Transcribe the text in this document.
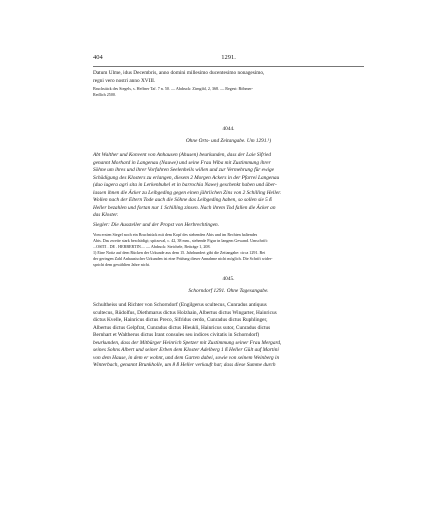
404	1291.

Datum Ulme, idus Decembris, anno domini millesimo ducentesimo nonagesimo,
regni vero nostri anno XVIII.

Bruchstück des Siegels, s. Heffner Taf. 7 n. 50. — Abdruck: Zirngibl, 2, 368. — Regest: Böhmer-
Redlich 2500.

4044.
Ohne Orts- und Zeitangabe. Um 1291.¹)

Abt Walther und Konvent von Anhausen (Ahusen) beurkunden, dass der Laie Sifried
genannt Morhard in Langenau (Nauwe) und seine Frau Wiba mit Zustimmung ihrer
Söhne um ihres und ihrer Vorfahren Seelenheils willen und zur Vermehrung für ewige
Schädigung des Klosters zu erlangen, diesem 2 Morgen Ackers in der Pfarrei Langenau
(duo iugera agri sita in Lerkenbuhel et in barrochia Nawe) geschenkt haben und über-
lassen ihnen die Äcker zu Leibgeding gegen einen jährlichen Zins von 2 Schilling Heller.
Wollen nach der Eltern Tode auch die Söhne das Leibgeding haben, so sollen sie 5 ß
Heller bezahlen und fortan nur 1 Schilling zinsen. Nach ihrem Tod fallen die Äcker an
das Kloster.

Siegler: Die Aussteller und der Propst von Herbrechtingen.

Vom ersten Siegel noch ein Bruchstück mit dem Kopf des stehenden Abts und im Rechten haltendes
Abts. Das zweite stark beschädigt; spitzoval, c. 42, 38 mm., stehende Figur in langem Gewand. Umschrift:
...OSITI . DE . HERBERTIN.... — Abdruck: Steichele, Beiträge 1, 208.
1) Eine Notiz auf dem Rücken der Urkunde aus dem 15. Jahrhundert gibt die Zeitangabe: circa 1291. Bei
der geringen Zahl Anhausischer Urkunden ist eine Prüfung dieser Annahme nicht möglich. Die Schrift wider-
spricht dem gewählten Jahre nicht.

4045.
Schorndorf 1291. Ohne Tagesangabe.

Schultheiss und Richter von Schorndorf (Engilgerus scultecus, Cunradus antiquus
scultecus, Rüdolfus, Diethmarus dictus Holzhain, Albertus dictus Wingarter, Hainricus
dictus Kvelle, Hainricus dictus Preco, Sifridus cerdo, Cunradus dictus Ruphlinger,
Albertus dictus Gelpfrat, Cunradus dictus Hleukli, Hainricus sutor, Cunradus dictus
Bernhart et Waltherus dictus Irant consules seu indices civitatis in Schorndorf)
beurkunden, dass der Mitbürger Heinrich Spetzer mit Zustimmung seiner Frau Mergard,
seines Sohns Albert und seiner Erben dem Kloster Adelberg 1 ß Heller Gült auf Martini
von dem Hause, in dem er wohnt, und dem Garten dabei, sowie von seinem Weinberg in
Winterbach, genannt Brunkholle, um 8 ß Heller verkauft hat; dass diese Summe durch
